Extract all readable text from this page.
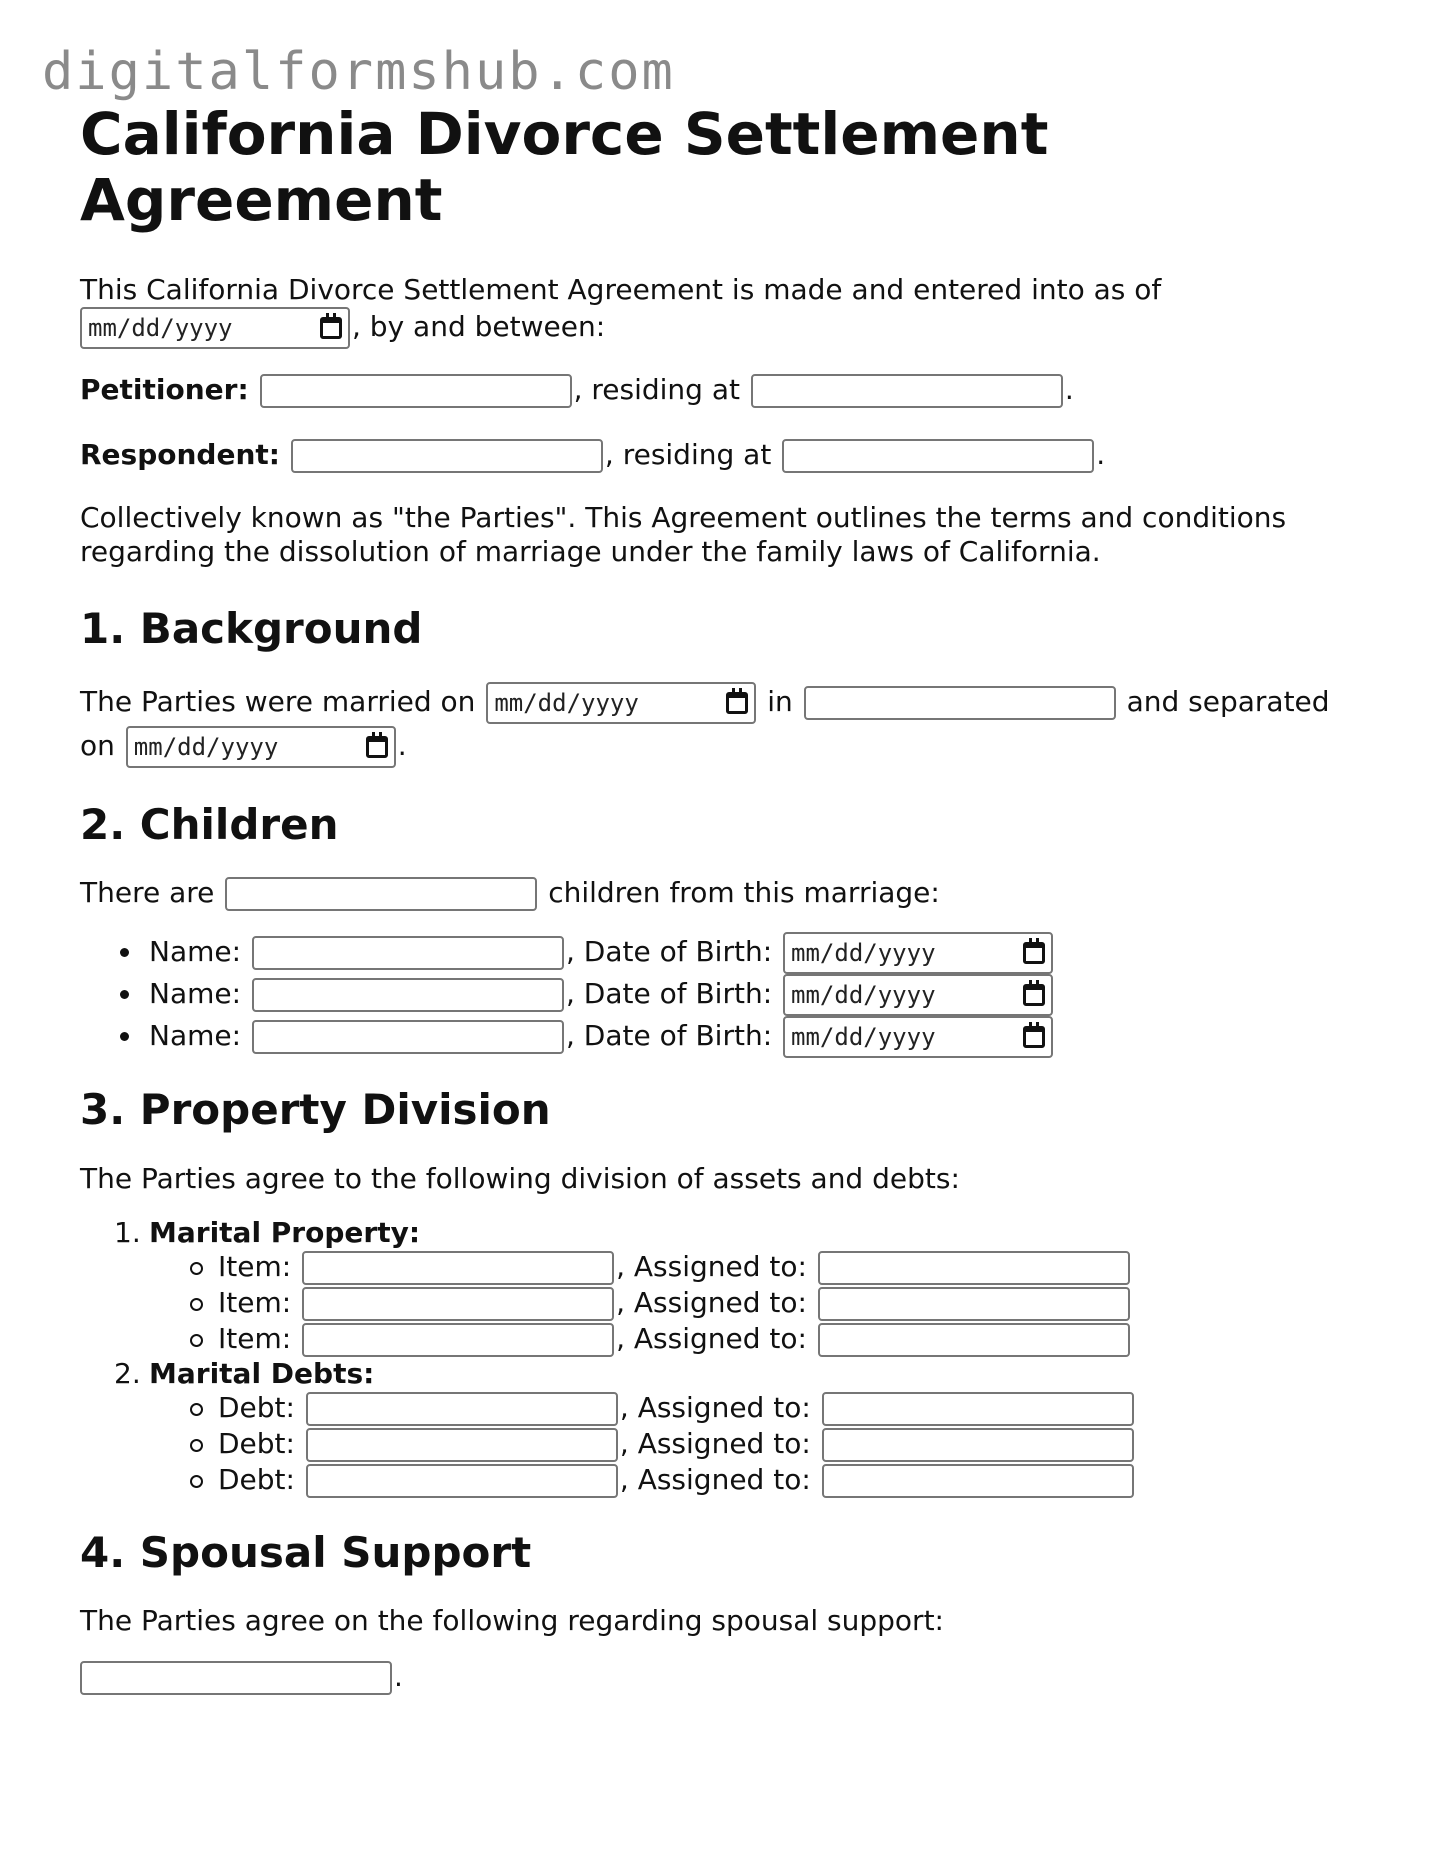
digitalformshub.com
California Divorce Settlement Agreement

This California Divorce Settlement Agreement is made and entered into as of

mm/dd/yyyy	, by and between:

Petitioner:	, residing at	.

Respondent:	, residing at	.

Collectively known as "the Parties". This Agreement outlines the terms and conditions regarding the dissolution of marriage under the family laws of California.

1. Background

The Parties were married on mm/dd/yyyy	in	and separated
on mm/dd/yyyy	.

2. Children

There are	children from this marriage:

Name:	, Date of Birth: mm/dd/yyyy
Name:	, Date of Birth: mm/dd/yyyy
Name:	, Date of Birth: mm/dd/yyyy
3. Property Division

The Parties agree to the following division of assets and debts:

1. Marital Property:
Item:	, Assigned to:
Item:	, Assigned to:
Item:	, Assigned to:
2. Marital Debts:
Debt:	, Assigned to:
Debt:	, Assigned to:
Debt:	, Assigned to:
4. Spousal Support

The Parties agree on the following regarding spousal support:

.
